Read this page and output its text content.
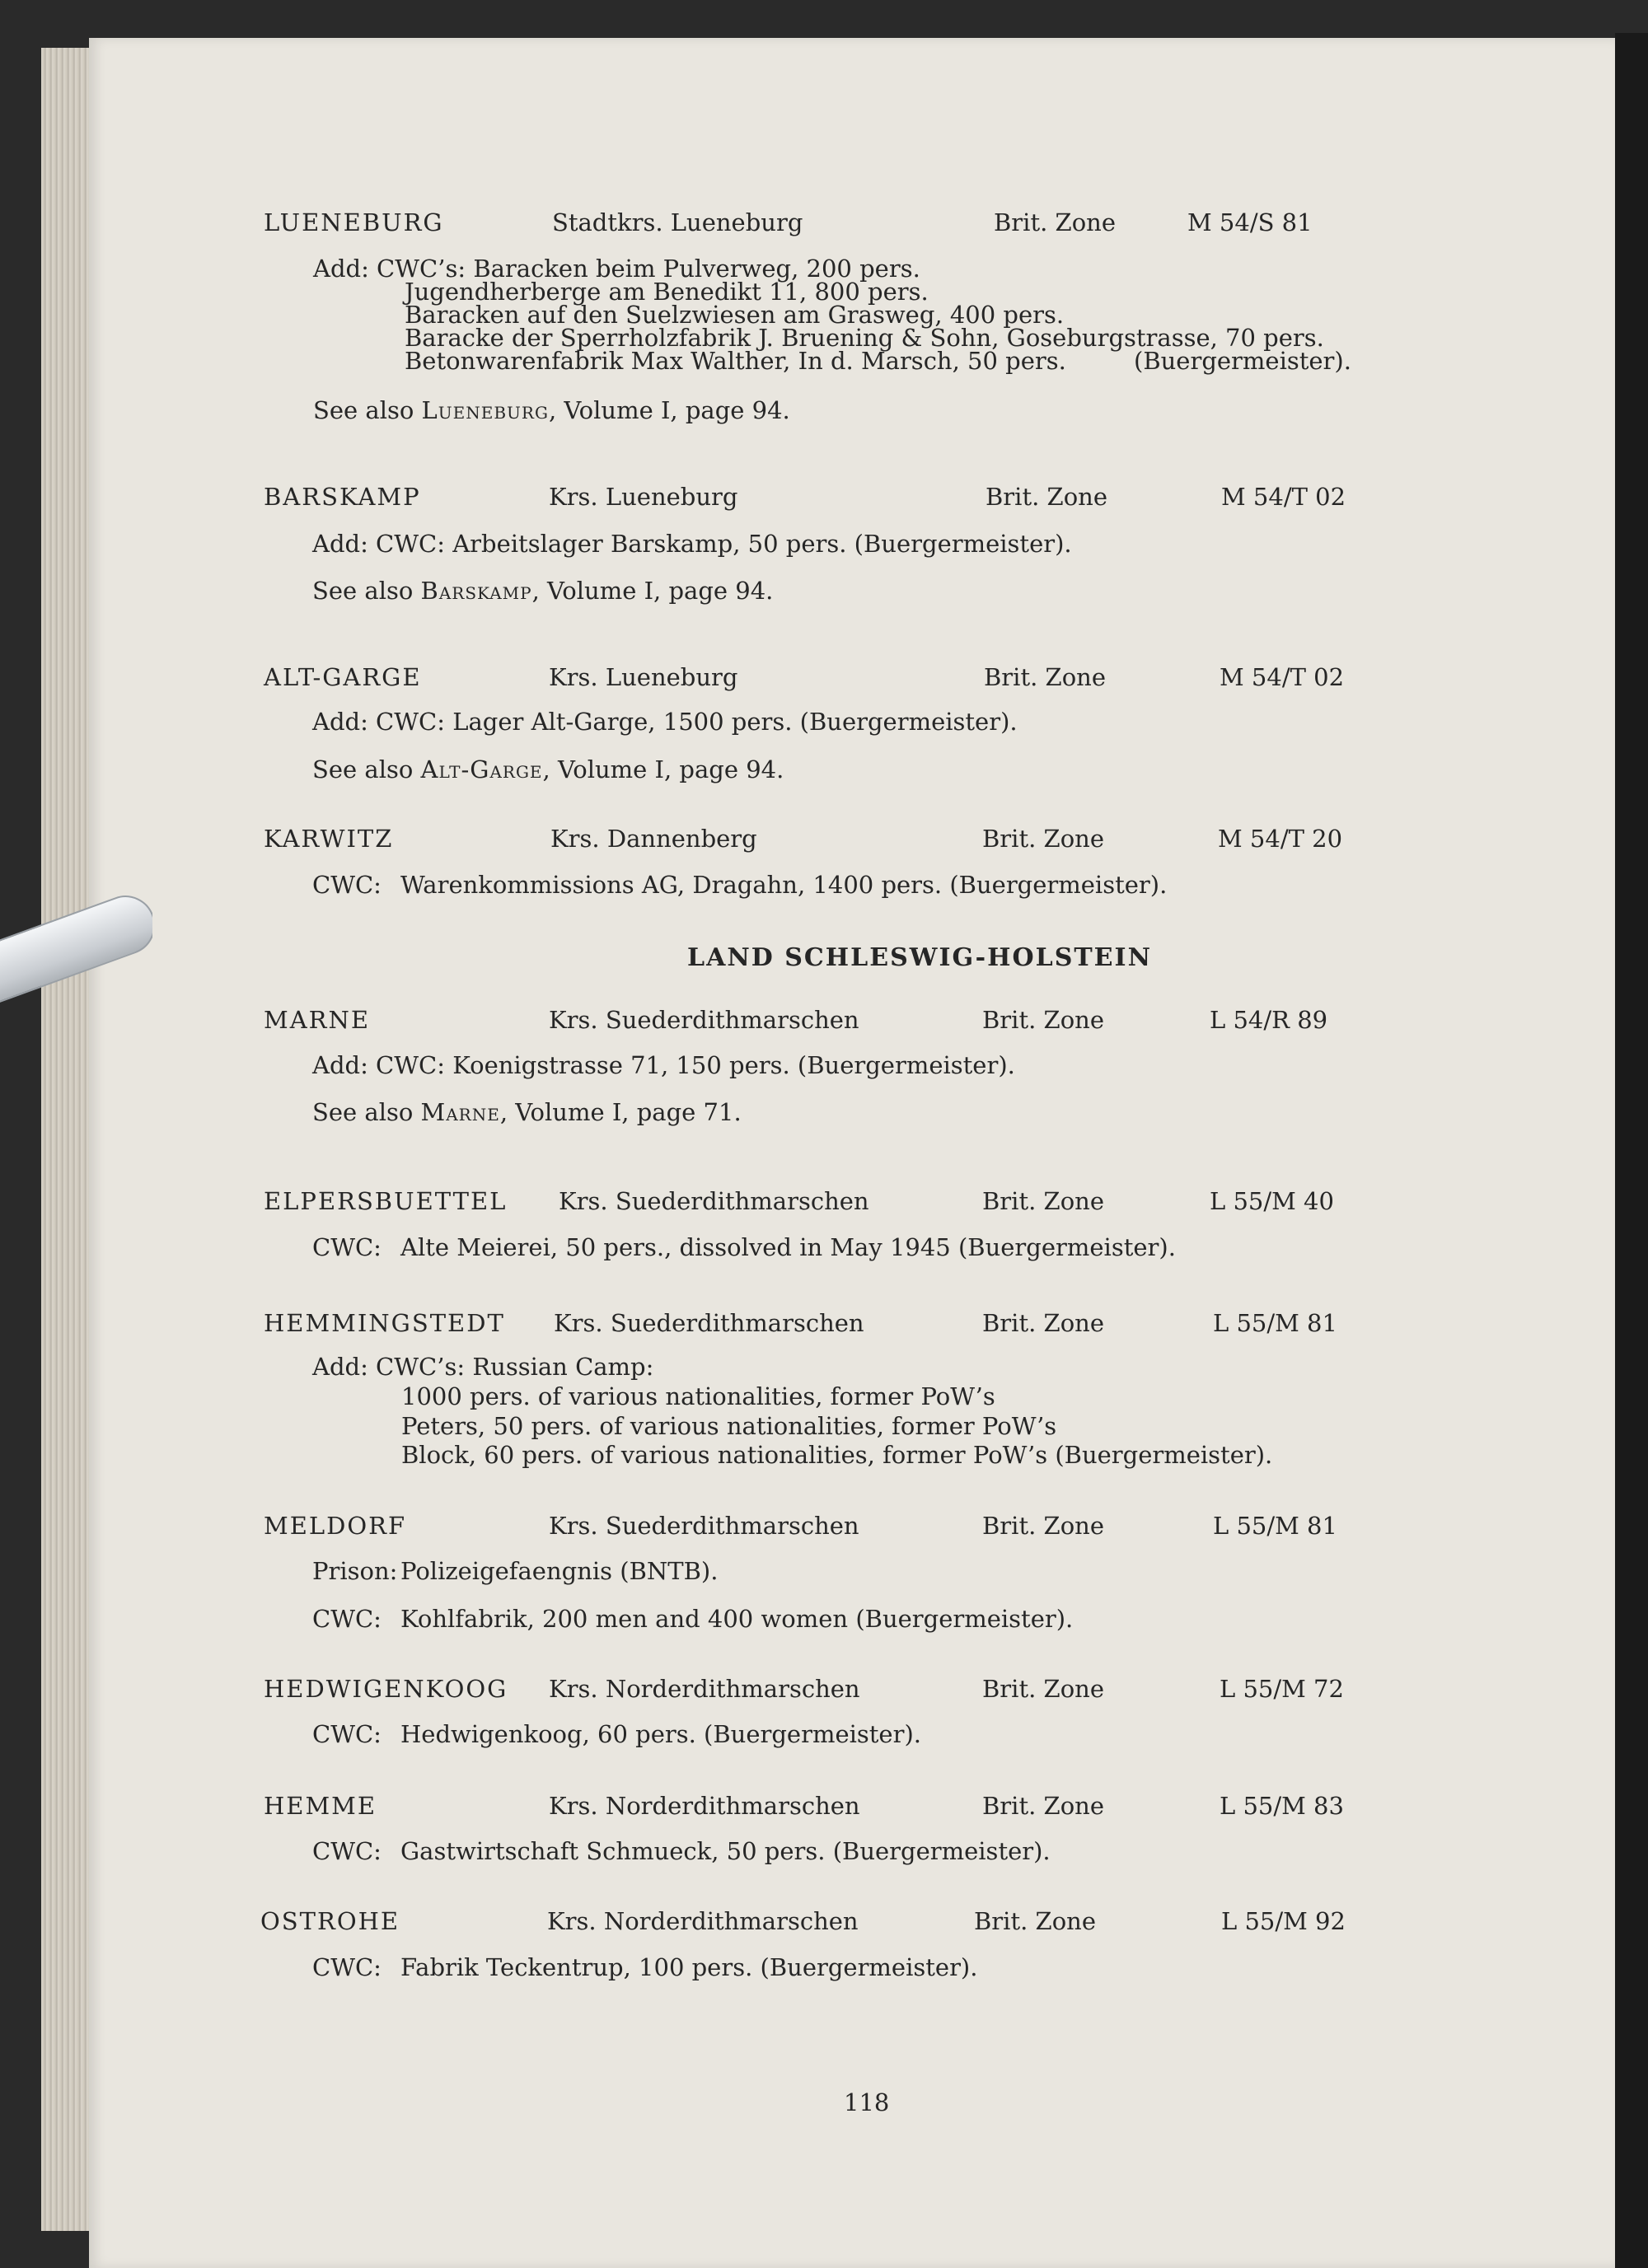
LUENEBURG	Stadtkrs. Lueneburg	Brit. Zone	M 54/S 81
Add: CWC’s: Baracken beim Pulverweg, 200 pers.
Jugendherberge am Benedikt 11, 800 pers.
Baracken auf den Suelzwiesen am Grasweg, 400 pers.
Baracke der Sperrholzfabrik J. Bruening & Sohn, Goseburgstrasse, 70 pers.
Betonwarenfabrik Max Walther, In d. Marsch, 50 pers.	(Buergermeister).
See also Lueneburg, Volume I, page 94.
BARSKAMP	Krs. Lueneburg	Brit. Zone	M 54/T 02
Add: CWC: Arbeitslager Barskamp, 50 pers. (Buergermeister).
See also Barskamp, Volume I, page 94.
ALT-GARGE	Krs. Lueneburg	Brit. Zone	M 54/T 02
Add: CWC: Lager Alt-Garge, 1500 pers. (Buergermeister).
See also Alt-Garge, Volume I, page 94.
KARWITZ	Krs. Dannenberg	Brit. Zone	M 54/T 20
CWC: Warenkommissions AG, Dragahn, 1400 pers. (Buergermeister).
LAND SCHLESWIG-HOLSTEIN
MARNE	Krs. Suederdithmarschen	Brit. Zone	L 54/R 89
Add: CWC: Koenigstrasse 71, 150 pers. (Buergermeister).
See also Marne, Volume I, page 71.
ELPERSBUETTEL Krs. Suederdithmarschen	Brit. Zone	L 55/M 40
CWC: Alte Meierei, 50 pers., dissolved in May 1945 (Buergermeister).
HEMMINGSTEDT Krs. Suederdithmarschen	Brit. Zone	L 55/M 81
Add: CWC’s: Russian Camp:
1000 pers. of various nationalities, former PoW’s
Peters, 50 pers. of various nationalities, former PoW’s
Block, 60 pers. of various nationalities, former PoW’s (Buergermeister).
MELDORF	Krs. Suederdithmarschen	Brit. Zone	L 55/M 81
Prison: Polizeigefaengnis (BNTB).
CWC: Kohlfabrik, 200 men and 400 women (Buergermeister).
HEDWIGENKOOG Krs. Norderdithmarschen	Brit. Zone	L 55/M 72
CWC: Hedwigenkoog, 60 pers. (Buergermeister).
HEMME	Krs. Norderdithmarschen	Brit. Zone	L 55/M 83
CWC: Gastwirtschaft Schmueck, 50 pers. (Buergermeister).
OSTROHE	Krs. Norderdithmarschen	Brit. Zone	L 55/M 92
CWC: Fabrik Teckentrup, 100 pers. (Buergermeister).
118
